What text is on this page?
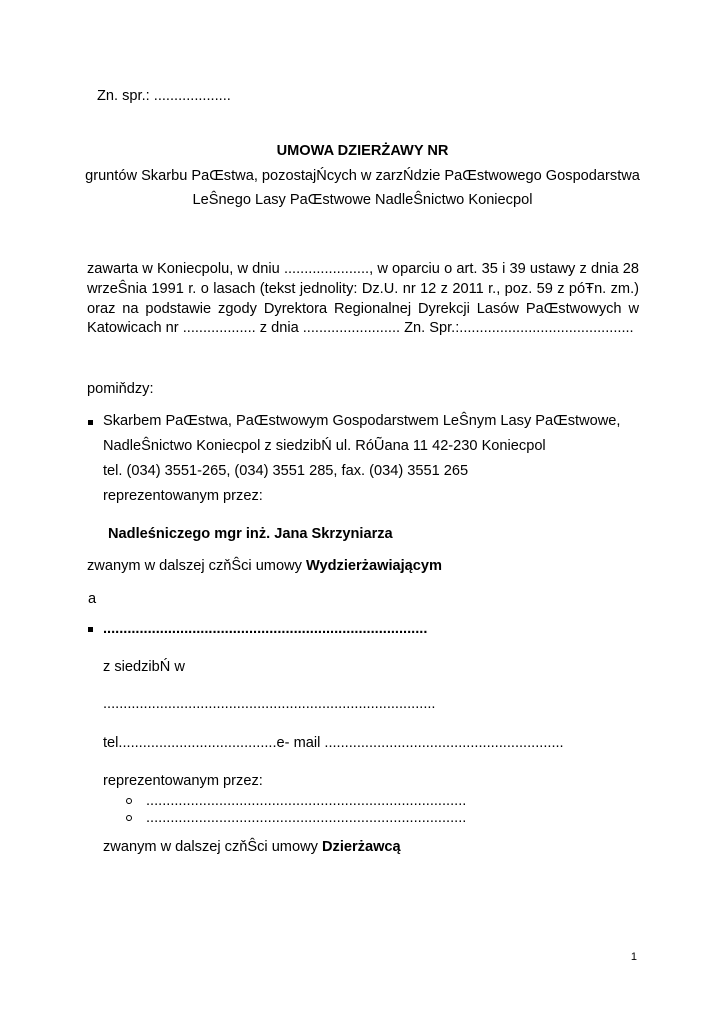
Zn. spr.: ...................
UMOWA DZIERŻAWY NR
gruntów Skarbu PaŒstwa, pozostajŃcych w zarzŃdzie PaŒstwowego Gospodarstwa
LeŜnego Lasy PaŒstwowe NadleŜnictwo Koniecpol
zawarta w Koniecpolu, w dniu ....................., w oparciu o art. 35 i 39 ustawy z dnia 28
wrzeŜnia 1991 r. o lasach (tekst jednolity: Dz.U. nr 12 z 2011 r., poz. 59 z póŦn. zm.)
oraz na podstawie zgody Dyrektora Regionalnej Dyrekcji Lasów PaŒstwowych w
Katowicach nr .................. z dnia ........................ Zn. Spr.:...........................................
pomiňdzy:
Skarbem PaŒstwa, PaŒstwowym Gospodarstwem LeŜnym Lasy PaŒstwowe,
NadleŜnictwo Koniecpol z siedzibŃ ul. RóŨana 11 42-230 Koniecpol
tel. (034) 3551-265, (034) 3551 285, fax. (034) 3551 265
reprezentowanym przez:
Nadleśniczego mgr inż. Jana Skrzyniarza
zwanym w dalszej czňŜci umowy Wydzierżawiającym
a
................................................................................
z siedzibŃ w
..................................................................................
tel.......................................e- mail ...........................................................
reprezentowanym przez:
...............................................................................
...............................................................................
zwanym w dalszej czňŜci umowy Dzierżawcą
1
